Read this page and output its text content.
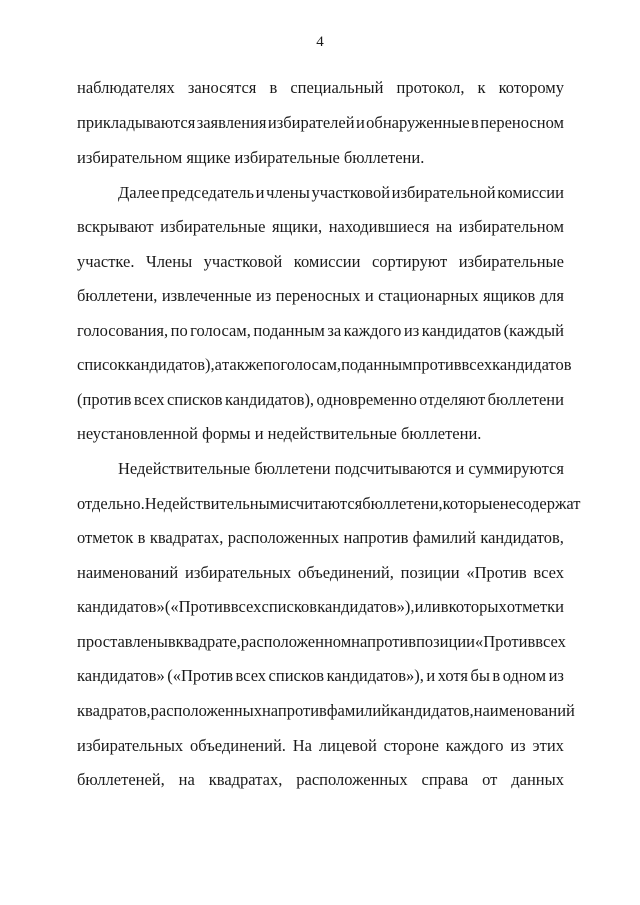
4
наблюдателях заносятся в специальный протокол, к которому
прикладываются заявления избирателей и обнаруженные в переносном
избирательном ящике избирательные бюллетени.
Далее председатель и члены участковой избирательной комиссии
вскрывают избирательные ящики, находившиеся на избирательном
участке. Члены участковой комиссии сортируют избирательные
бюллетени, извлеченные из переносных и стационарных ящиков для
голосования, по голосам, поданным за каждого из кандидатов (каждый
список кандидатов), а также по голосам, поданным против всех кандидатов
(против всех списков кандидатов), одновременно отделяют бюллетени
неустановленной формы и недействительные бюллетени.
Недействительные бюллетени подсчитываются и суммируются
отдельно. Недействительными считаются бюллетени, которые не содержат
отметок в квадратах, расположенных напротив фамилий кандидатов,
наименований избирательных объединений, позиции «Против всех
кандидатов» («Против всех списков кандидатов»), или в которых отметки
проставлены в квадрате, расположенном напротив позиции «Против всех
кандидатов» («Против всех списков кандидатов»), и хотя бы в одном из
квадратов, расположенных напротив фамилий кандидатов, наименований
избирательных объединений. На лицевой стороне каждого из этих
бюллетеней, на квадратах, расположенных справа от данных
